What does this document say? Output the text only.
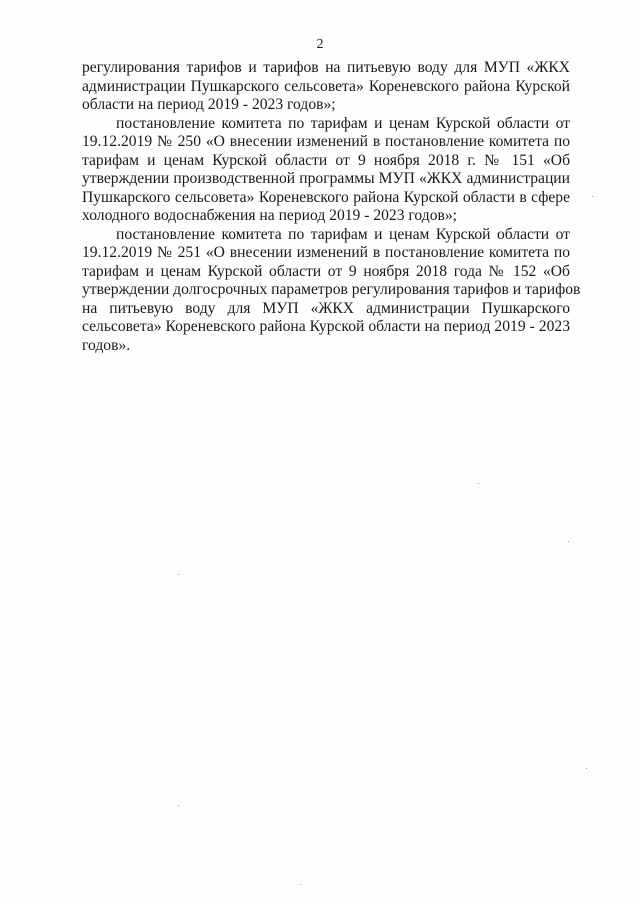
2
регулирования тарифов и тарифов на питьевую воду для МУП «ЖКХ
администрации Пушкарского сельсовета» Кореневского района Курской
области на период 2019 - 2023 годов»;
постановление комитета по тарифам и ценам Курской области от
19.12.2019 № 250 «О внесении изменений в постановление комитета по
тарифам и ценам Курской области от 9 ноября 2018 г. № 151 «Об
утверждении производственной программы МУП «ЖКХ администрации
Пушкарского сельсовета» Кореневского района Курской области в сфере
холодного водоснабжения на период 2019 - 2023 годов»;
постановление комитета по тарифам и ценам Курской области от
19.12.2019 № 251 «О внесении изменений в постановление комитета по
тарифам и ценам Курской области от 9 ноября 2018 года № 152 «Об
утверждении долгосрочных параметров регулирования тарифов и тарифов
на питьевую воду для МУП «ЖКХ администрации Пушкарского
сельсовета» Кореневского района Курской области на период 2019 - 2023
годов».
